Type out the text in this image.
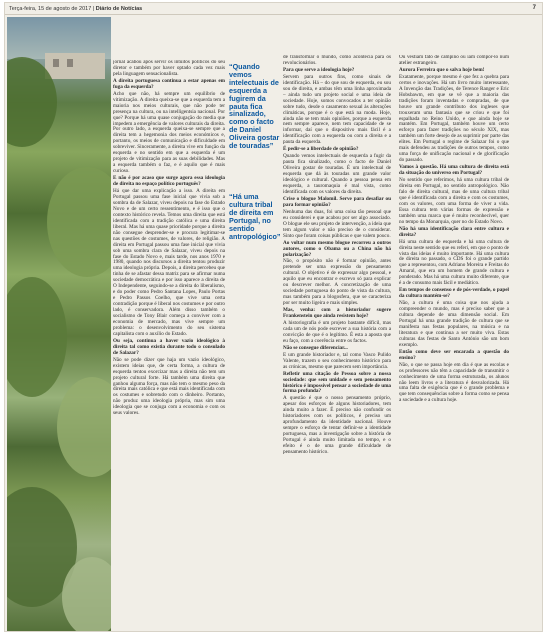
Terça-feira, 15 de agosto de 2017 | Diário de Notícias	7

jornal acabou após servir os intuitos políticos do seu diretor e também por haver optado cada vez mais pela linguagem sensacionalista.

A direita portuguesa continua a estar apenas em fuga da esquerda?

Acho que não, há sempre um equilíbrio de vitimização. A direita queixa-se que a esquerda tem a maioria nos meios culturais, que não pode ter presença na cultura, ou na intelligentsia nacional. Por que? Porque há uma quase conjugação do media que impedem a emergência de valores culturais da direita. Por outro lado, a esquerda queixa-se sempre que a direita tem a hegemonia dos meios económicos e, portanto, os meios de comunicação e dificuldade em sobreviver. Sinceramente, a direita vive em função da esquerda e no sentido em que a esquerda é um projeto de vitimização para as suas debilidades. Mas a esquerda também o faz, e é aquilo que é mais curioso.

E não é por acaso que surge agora essa ideologia de direita no espaço político português?

Há que dar uma explicação a isso. A direita em Portugal passou uma fase inicial que vivia sob a sombra da de Salazar, viveu depois na fase do Estado Novo e de um certo ressentimento, e é isso que o contexto histórico revela. Temos uma direita que está identificada com a tradição católica e uma direita liberal. Mas há uma quase prioridade porque a direita não consegue desprender-se e procura legitimar-se nas questões de costumes, de valores, de religião. A direita em Portugal passou uma fase inicial que vivia sob uma sombra clara de Salazar, viveu depois na fase do Estado Novo e, mais tarde, nos anos 1970 e 1980, quando nos discursos a direita tentou produzir uma ideologia própria. Depois, a direita percebeu que tinha de se afastar dessa matriz para se afirmar numa sociedade democrática e por isso aparece a direita de O Independente, seguindo-se a direita do liberalismo, e do poder como Pedro Santana Lopes, Paulo Portas e Pedro Passos Coelho, que vive uma certa contradição porque é liberal nos costumes e por outro lado, é conservadora. Além disso também o socialismo de Tony Blair começa a conviver com a economia de mercado, mas vive sempre um problema: o desenvolvimento do seu sistema capitalista com o auxílio do Estado.

Ou seja, continua a haver vazio ideológico à direita tal como existia durante todo o consulado de Salazar?

Não se pode dizer que haja um vazio ideológico, existem ideias que, de certa forma, a cultura de esquerda tentou exorcizar mas a direita não tem um projeto cultural forte. Há também uma direita que ganhou alguma força, mas não tem o mesmo peso da direita mais católica e que está mais identificada com os costumes e sobretudo com o dinheiro. Portanto, não produz uma ideologia própria, mas sim uma ideologia que se conjuga com a economia e com os seus valores.

“Quando vemos intelectuais de esquerda a fugirem da pauta fica sinalizado, como o facto de Daniel Oliveira gostar de touradas”
“Há uma cultura tribal de direita em Portugal, no sentido antropológico”

de transformar o mundo, como acontecia para os revolucionários.

Para que serve a ideologia hoje?

Servem para outros fins, como sinais de identificação. Há – do que sou de esquerda, eu sou sou de direita, e ambas têm uma linha aproximada – ainda tudo um projeto social e uma ideia de sociedade. Hoje, somos convocados a ter opinião sobre tudo, desde o casamento sexual às alterações climáticas, porque é o que está na moda. Hoje, ainda não se tem mais opiniões, porque a esquerda nem sempre aparece, nem tem capacidade de se informar, daí que o dispositivo mais fácil é a identificação com a esquerda ou com a direita e a pauta da esquerda.

É pedir-se a liberdade de opinião?

Quando vemos intelectuais de esquerda a fugir da pauta fica sinalizado, como o facto de Daniel Oliveira gostar de touradas. É um intelectual de esquerda que dá às touradas um grande valor ideológico e cultural. Quando a pessoa pensa em esquerda, a tauromaquia é mal vista, como identificada com os valores da direita.

Crise o blogue Malomil. Serve para desafiar ou para formar opinião?

Nenhuma das duas, foi uma coisa tão pessoal que eu considerei e que acabou por ser algo associado. O blogue ele seu projeto de intervenção, a ideia que tem algum valor e não preciso de o considerar. Sinto que foram coisas públicas e que valem pouco.

Ao voltar num mesmo blogue recorreu a outros autores, como o Obama ou a China não há polarização?

Não, o propósito não é formar opinião, antes pretende ser uma expressão do pensamento cultural. O objetivo é de expressar algo pessoal, e aquilo que eu encontrar e escrevo só para explicar ou descrever melhor. A concretização de uma sociedade portuguesa do ponto de vista da cultura, mas também para a blogosfera, que se caracteriza por ser muito ligeira e mais simples.

Mas, venha: com a historiador sugere Frankenstein que ainda resistem hoje?

A historiografia é um projeto bastante difícil, mas cada um de nós pode escrever a sua história com a convicção de que é o legítimo. É esta a aposta que eu faço, com a coerência entre os factos.

Não se consegue diferenciar...

E um grande historiador e, tal como Vasco Pulido Valente, trazem o seu conhecimento histórico para as crónicas, mesmo que parecem sem importância.

Refletir uma citação de Pessoa sobre a nossa sociedade: que sem unidade e sem pensamento histórico é impossível pensar a sociedade de uma forma profunda?

A questão é que o nosso pensamento próprio, apesar dos esforços de alguns historiadores, tem ainda muito a fazer. É preciso não confundir os historiadores com os políticos, é preciso um aprofundamento da identidade nacional. Houve sempre o esforço de tentar definir-se a identidade portuguesa, mas a investigação sobre a história de Portugal é ainda muito limitada no tempo, e o efeito é o de uma grande dificuldade de pensamento histórico.

Ou vestiam fato de campino ou iam compor-lo num atelier estrangeiro.

Aurora Ferreira que o salva hoje bem!

Exatamente, porque mesmo é que fez a quebra para certos e inovações. Há um livro muito interessante, A Invenção das Tradições, de Terence Ranger e Eric Hobsbawm, em que se vê que a maioria das tradições foram inventadas e compradas, de que houve um grande contributo dos ingleses que trouxeram uma fantasia que se criou e que foi espalhada no Reino Unido, e que ainda hoje se mantém. Em Portugal, também houve um certo esforço para fazer tradições no século XIX, mas também um forte desejo de as suprimir por parte das elites. Em Portugal o regime de Salazar foi o que mais defendeu as tradições de outros tempos, como uma força de unificação nacional e de glorificação do passado.

Vamos à questão. Há uma cultura de direita está da situação do universo em Portugal?

No sentido que referimos, há uma cultura tribal de direita em Portugal, no sentido antropológico. Não falo de direita cultural, mas de uma cultura tribal que é identificada com a direita e com os costumes, com os valores, com uma forma de viver a vida. Essa cultura tem várias formas de expressão e também uma marca que é muito reconhecível, quer no tempo da Monarquia, quer no do Estado Novo.

Não há uma identificação clara entre cultura e direita?

Há uma cultura de esquerda e há uma cultura de direita neste sentido que eu referi, em que o ponto de vista das ideias é muito importante. Há uma cultura de direita no passado, o CDS foi o grande partido que a representou, com Adriano Moreira e Freitas do Amaral, que era um homem de grande cultura e ponderado. Mas há uma cultura muito diferente, que é a de consumo mais fácil e mediático.

Em tempos de consenso e de pós-verdade, o papel da cultura mantém-se?

Não, a cultura é uma coisa que nos ajuda a compreender o mundo, mas é preciso saber que a cultura depende de uma dimensão social. Em Portugal há uma grande tradição de cultura que se manifesta nas festas populares, na música e na literatura e que continua a ser muito viva. Estas culturas das festas de Santo António são um bom exemplo.

Então como deve ser encarada a questão do ensino?

Não, o que se passa hoje em dia é que as escolas e os professores não têm a capacidade de transmitir o conhecimento de uma forma estruturada, os alunos não leem livros e a literatura é desvalorizada. Há uma falta de exigência que é o grande problema e que tem consequências sobre a forma como se pensa a sociedade e a cultura hoje.
